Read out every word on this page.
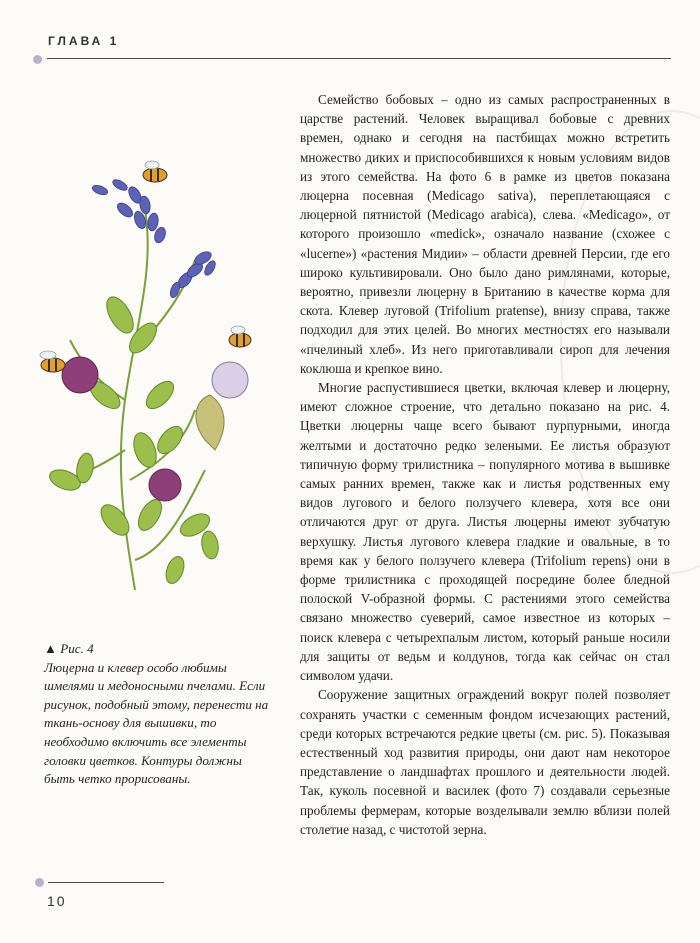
ГЛАВА 1
▲ Рис. 4
Люцерна и клевер особо любимы шмелями и медоносными пчелами. Если рисунок, подобный этому, перенести на ткань-основу для вышивки, то необходимо включить все элементы головки цветков. Контуры должны быть четко прорисованы.

Семейство бобовых – одно из самых распространенных в царстве растений. Человек выращивал бобовые с древних времен, однако и сегодня на пастбищах можно встретить множество диких и приспособившихся к новым условиям видов из этого семейства. На фото 6 в рамке из цветов показана люцерна посевная (Medicago sativa), переплетающаяся с люцерной пятнистой (Medicago arabica), слева. «Medicago», от которого произошло «medick», означало название (схожее с «lucerne») «растения Мидии» – области древней Персии, где его широко культивировали. Оно было дано римлянами, которые, вероятно, привезли люцерну в Британию в качестве корма для скота. Клевер луговой (Trifolium pratense), внизу справа, также подходил для этих целей. Во многих местностях его называли «пчелиный хлеб». Из него приготавливали сироп для лечения коклюша и крепкое вино.

Многие распустившиеся цветки, включая клевер и люцерну, имеют сложное строение, что детально показано на рис. 4. Цветки люцерны чаще всего бывают пурпурными, иногда желтыми и достаточно редко зелеными. Ее листья образуют типичную форму трилистника – популярного мотива в вышивке самых ранних времен, также как и листья родственных ему видов лугового и белого ползучего клевера, хотя все они отличаются друг от друга. Листья люцерны имеют зубчатую верхушку. Листья лугового клевера гладкие и овальные, в то время как у белого ползучего клевера (Trifolium repens) они в форме трилистника с проходящей посредине более бледной полоской V-образной формы. С растениями этого семейства связано множество суеверий, самое известное из которых – поиск клевера с четырехпалым листом, который раньше носили для защиты от ведьм и колдунов, тогда как сейчас он стал символом удачи.

Сооружение защитных ограждений вокруг полей позволяет сохранять участки с семенным фондом исчезающих растений, среди которых встречаются редкие цветы (см. рис. 5). Показывая естественный ход развития природы, они дают нам некоторое представление о ландшафтах прошлого и деятельности людей. Так, куколь посевной и василек (фото 7) создавали серьезные проблемы фермерам, которые возделывали землю вблизи полей столетие назад, с чистотой зерна.

10
